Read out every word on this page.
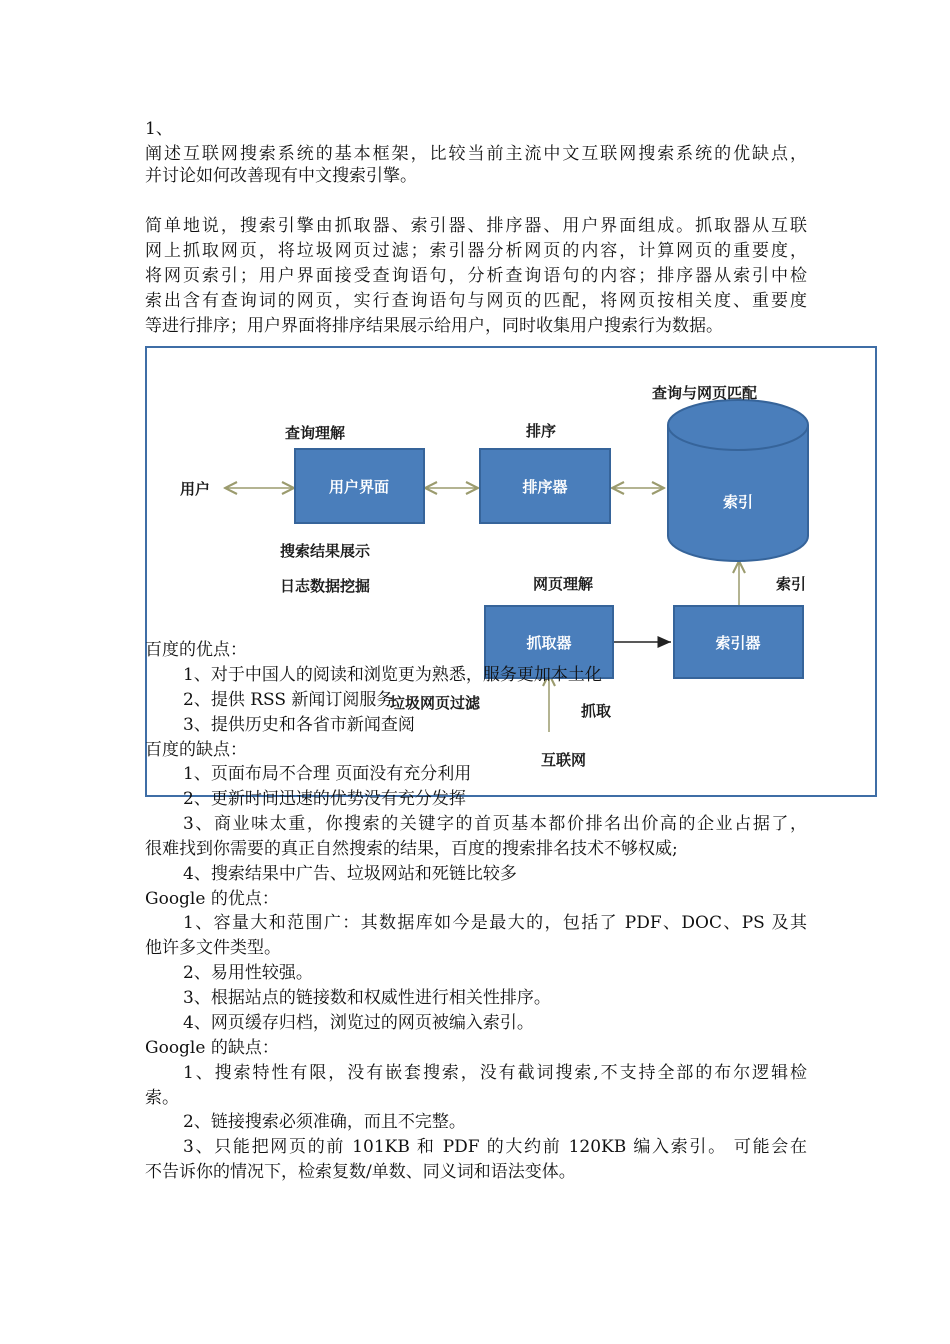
用户界面	排序器
索引
抓取器	索引器
用户
查询理解	排序
查询与网页匹配
搜索结果展示
日志数据挖掘	网页理解	索引
垃圾网页过滤	抓取
互联网
1、
阐述互联网搜索系统的基本框架，比较当前主流中文互联网搜索系统的优缺点，
并讨论如何改善现有中文搜索引擎。
简单地说，搜索引擎由抓取器、索引器、排序器、用户界面组成。抓取器从互联
网上抓取网页，将垃圾网页过滤；索引器分析网页的内容，计算网页的重要度，
将网页索引；用户界面接受查询语句，分析查询语句的内容；排序器从索引中检
索出含有查询词的网页，实行查询语句与网页的匹配，将网页按相关度、重要度
等进行排序；用户界面将排序结果展示给用户，同时收集用户搜索行为数据。
百度的优点：
1、对于中国人的阅读和浏览更为熟悉，服务更加本土化
2、提供 RSS 新闻订阅服务
3、提供历史和各省市新闻查阅
百度的缺点：
1、页面布局不合理 页面没有充分利用
2、更新时间迅速的优势没有充分发挥
3、商业味太重，你搜索的关键字的首页基本都价排名出价高的企业占据了，
很难找到你需要的真正自然搜索的结果，百度的搜索排名技术不够权威;
4、搜索结果中广告、垃圾网站和死链比较多
Google 的优点：
1、容量大和范围广：其数据库如今是最大的，包括了 PDF、DOC、PS 及其
他许多文件类型。
2、易用性较强。
3、根据站点的链接数和权威性进行相关性排序。
4、网页缓存归档，浏览过的网页被编入索引。
Google 的缺点：
1、搜索特性有限，没有嵌套搜索，没有截词搜索,不支持全部的布尔逻辑检
索。
2、链接搜索必须准确，而且不完整。
3、只能把网页的前 101KB 和 PDF 的大约前 120KB 编入索引。 可能会在
不告诉你的情况下，检索复数/单数、同义词和语法变体。
